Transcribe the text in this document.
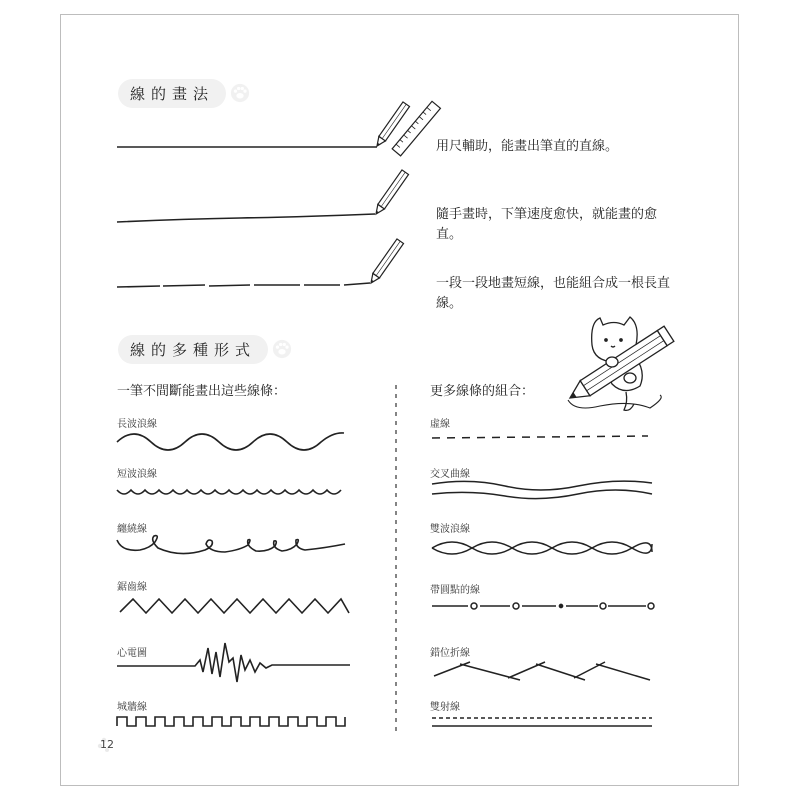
線的畫法
用尺輔助，能畫出筆直的直線。
隨手畫時，下筆速度愈快，就能畫的愈直。
一段一段地畫短線，也能組合成一根長直線。
線的多種形式
一筆不間斷能畫出這些線條：	更多線條的組合：
長波浪線
短波浪線
纏繞線
鋸齒線
心電圖
城牆線
虛線
交叉曲線
雙波浪線
帶圓點的線
錯位折線
雙射線
12
